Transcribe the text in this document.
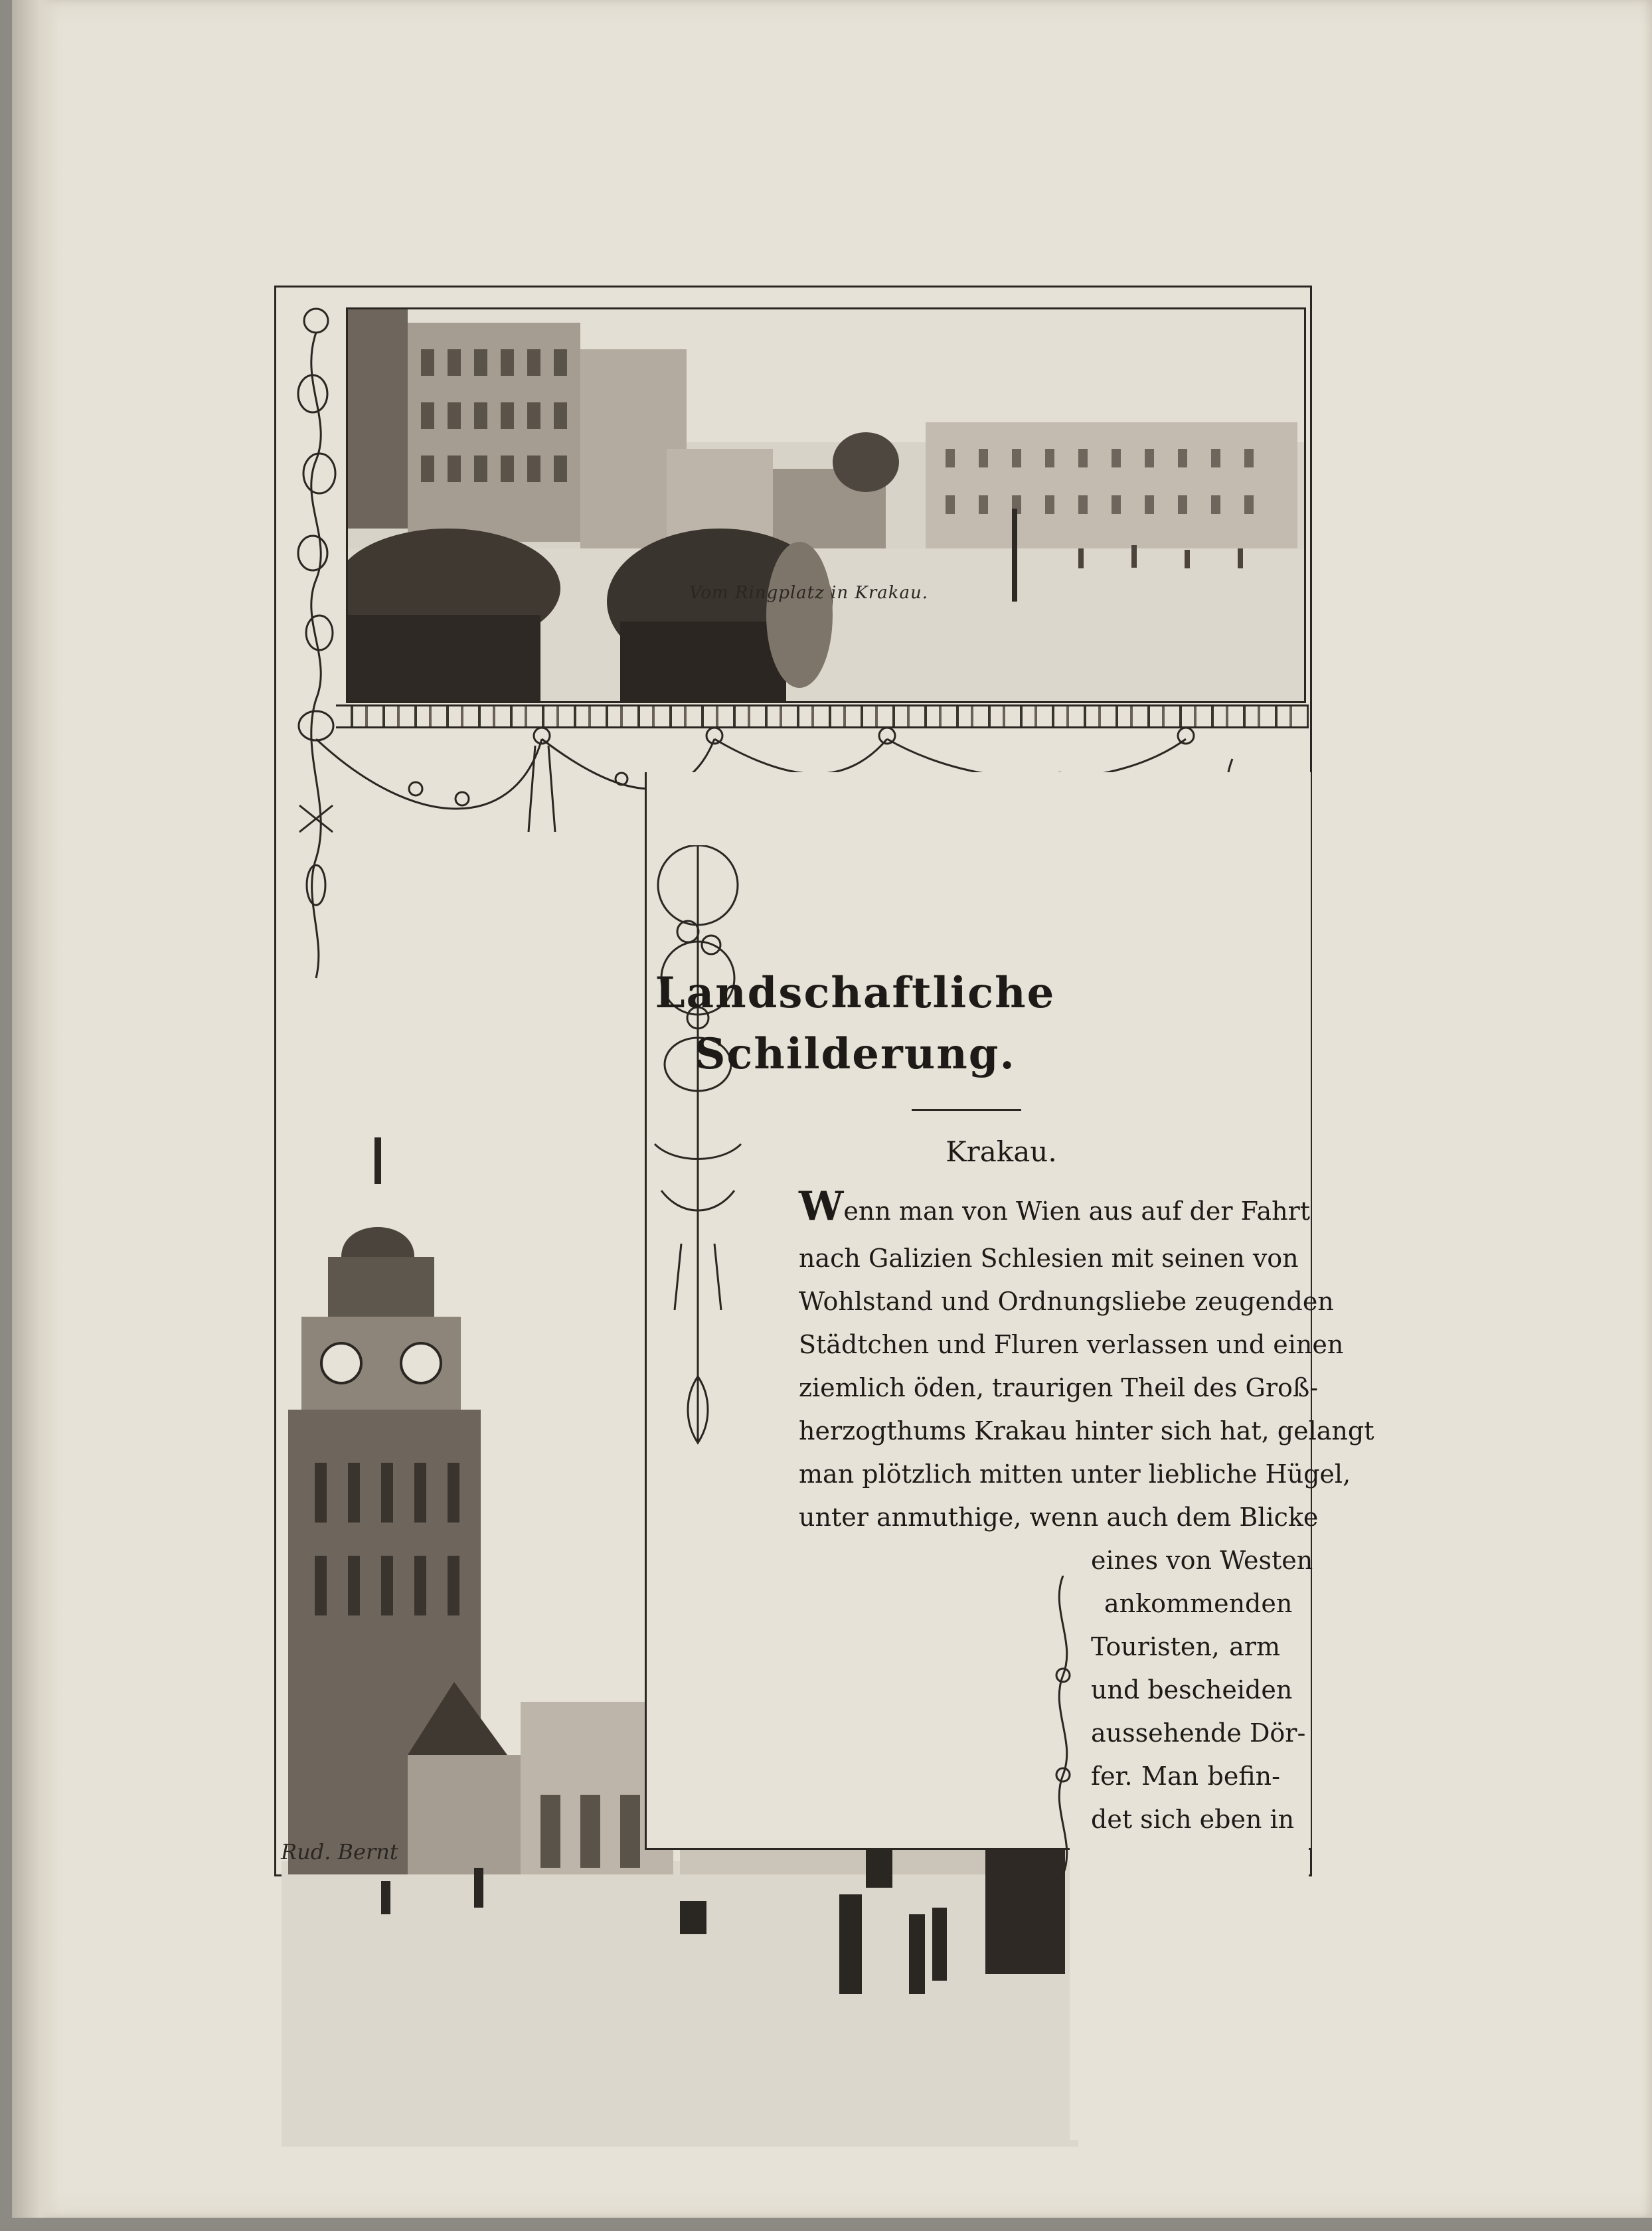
Vom Ringplatz in Krakau.
Landschaftliche
Schilderung.
Krakau.
Wenn man von Wien aus auf der Fahrt
nach Galizien Schlesien mit seinen von
Wohlstand und Ordnungsliebe zeugenden
Städtchen und Fluren verlassen und einen
ziemlich öden, traurigen Theil des Groß-
herzogthums Krakau hinter sich hat, gelangt
man plötzlich mitten unter liebliche Hügel,
unter anmuthige, wenn auch dem Blicke
eines von Westen
ankommenden
Touristen, arm
und bescheiden
aussehende Dör-
fer. Man befin-
det sich eben in
Rud. Bernt
101
